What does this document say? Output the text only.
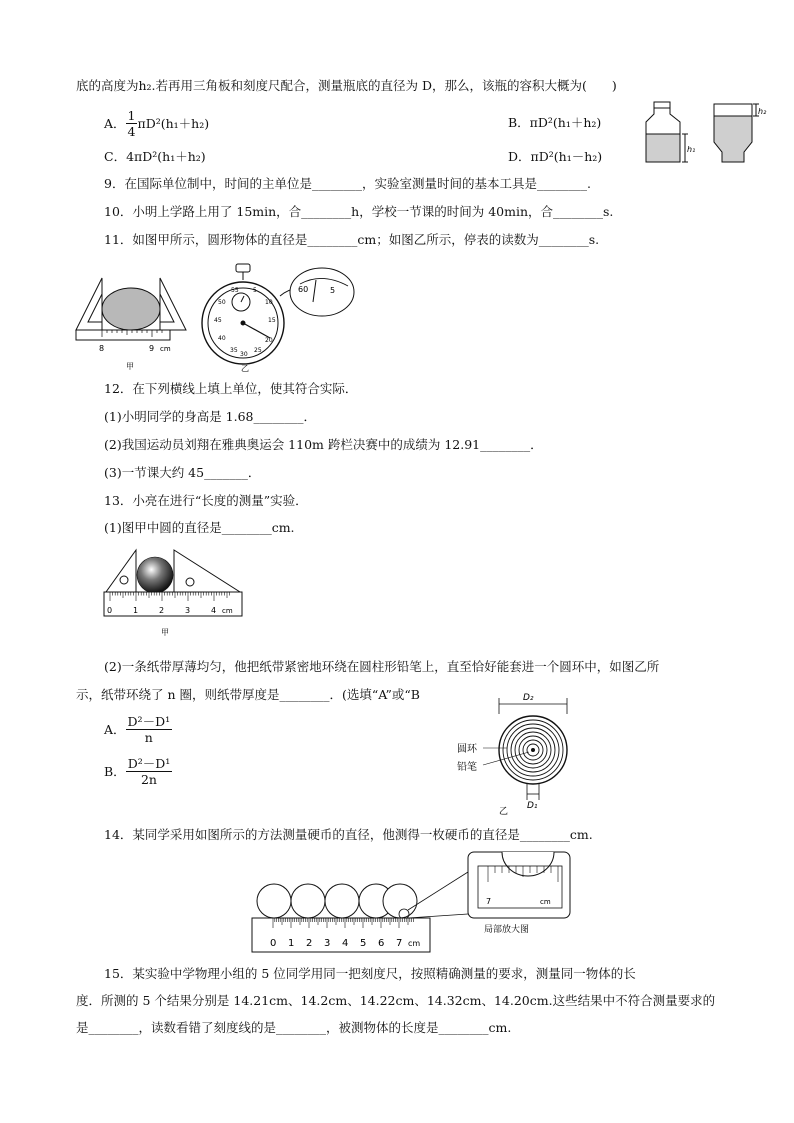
底的高度为h₂.若再用三角板和刻度尺配合，测量瓶底的直径为 D，那么，该瓶的容积大概为(　　)
A． $\frac{1}{4} \pi D^2(h_1+h_2)$	B．πD²(h₁＋h₂)
C．4πD²(h₁＋h₂)	D．πD²(h₁－h₂)	h₁
h₂
9．在国际单位制中，时间的主单位是________，实验室测量时间的基本工具是________.
10．小明上学路上用了 15min，合________h，学校一节课的时间为 40min，合________s.
11．如图甲所示，圆形物体的直径是________cm；如图乙所示，停表的读数为________s.
8	9 cm
甲
55 5
50	10
45	15
40	20
35	25
30
60	5
乙
12．在下列横线上填上单位，使其符合实际．
(1)小明同学的身高是 1.68________．
(2)我国运动员刘翔在雅典奥运会 110m 跨栏决赛中的成绩为 12.91________．
(3)一节课大约 45_______．
13．小亮在进行“长度的测量”实验．
(1)图甲中圆的直径是________cm.
0	1	2	3	4 cm
甲
(2)一条纸带厚薄均匀，他把纸带紧密地环绕在圆柱形铅笔上，直至恰好能套进一个圆环中，如图乙所
示，纸带环绕了 n 圈，则纸带厚度是________．(选填“A”或“B
A． $\frac{\text{D²－D¹}}{n}$
B． $\frac{\text{D²－D¹}}{2n}$
D₂
圆环
铅笔
D₁
乙
14．某同学采用如图所示的方法测量硬币的直径，他测得一枚硬币的直径是________cm.
0 1 2 3 4 5 6 7 cm
7	cm
局部放大图
15．某实验中学物理小组的 5 位同学用同一把刻度尺，按照精确测量的要求，测量同一物体的长
度．所测的 5 个结果分别是 14.21cm、14.2cm、14.22cm、14.32cm、14.20cm.这些结果中不符合测量要求的
是________，读数看错了刻度线的是________，被测物体的长度是________cm.
